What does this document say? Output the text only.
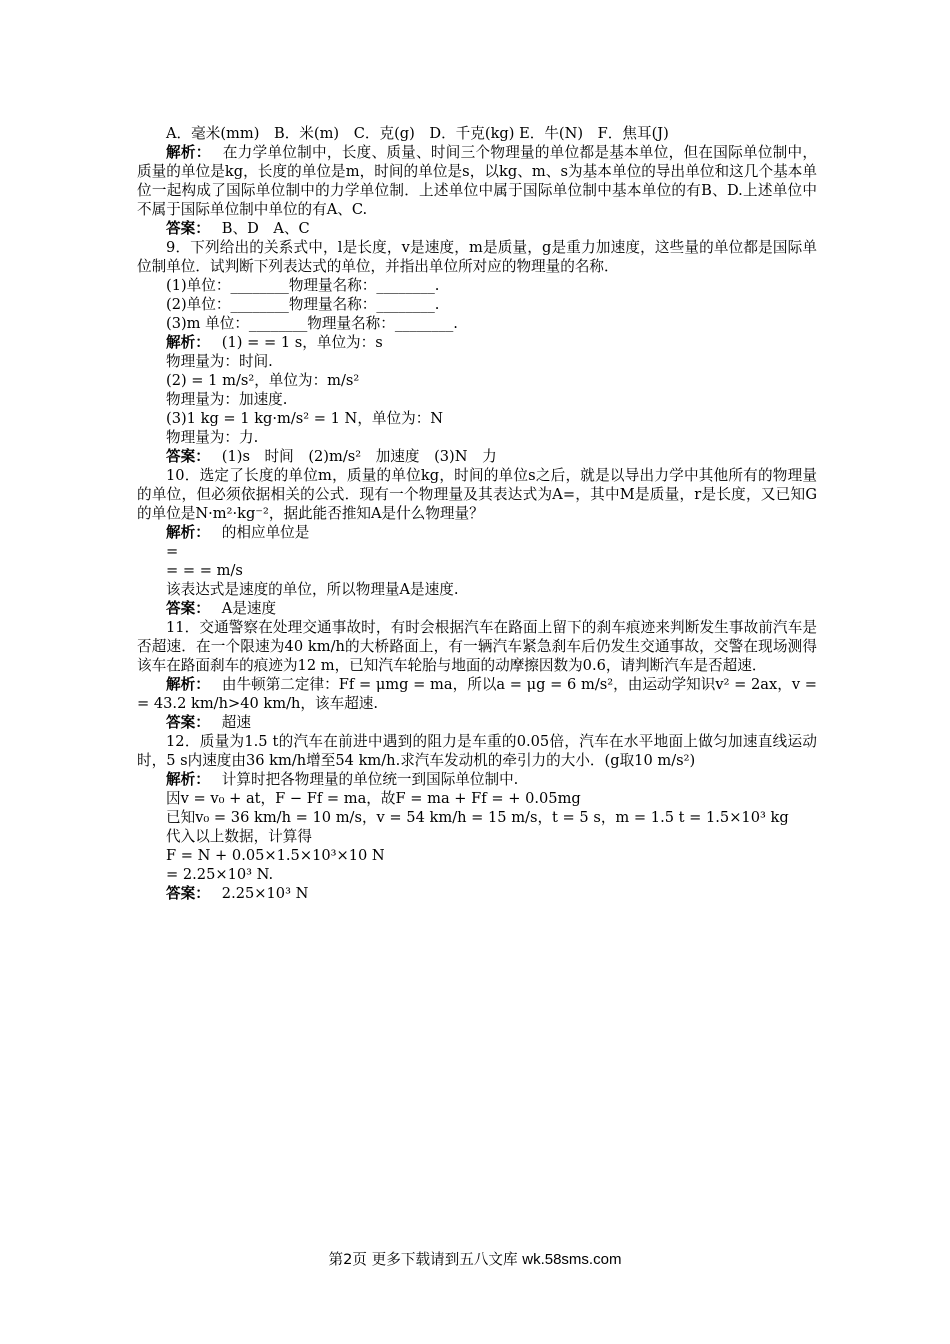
A．毫米(mm)　B．米(m)　C．克(g)　D．千克(kg) E．牛(N)　F．焦耳(J)
解析： 在力学单位制中，长度、质量、时间三个物理量的单位都是基本单位，但在国际单位制中，质量的单位是kg，长度的单位是m，时间的单位是s，以kg、m、s为基本单位的导出单位和这几个基本单位一起构成了国际单位制中的力学单位制．上述单位中属于国际单位制中基本单位的有B、D.上述单位中不属于国际单位制中单位的有A、C.
答案： B、D　A、C
9．下列给出的关系式中，l是长度，v是速度，m是质量，g是重力加速度，这些量的单位都是国际单位制单位．试判断下列表达式的单位，并指出单位所对应的物理量的名称．
(1)单位：________物理量名称：________.
(2)单位：________物理量名称：________.
(3)m 单位：________物理量名称：________.
解析： (1) = = 1 s，单位为：s
物理量为：时间.
(2) = 1 m/s²，单位为：m/s²
物理量为：加速度.
(3)1 kg = 1 kg·m/s² = 1 N，单位为：N
物理量为：力.
答案： (1)s　时间　(2)m/s²　加速度　(3)N　力
10．选定了长度的单位m，质量的单位kg，时间的单位s之后，就是以导出力学中其他所有的物理量的单位，但必须依据相关的公式．现有一个物理量及其表达式为A=，其中M是质量，r是长度，又已知G的单位是N·m²·kg⁻²，据此能否推知A是什么物理量？
解析： 的相应单位是
=
= = = m/s
该表达式是速度的单位，所以物理量A是速度.
答案： A是速度
11．交通警察在处理交通事故时，有时会根据汽车在路面上留下的刹车痕迹来判断发生事故前汽车是否超速．在一个限速为40 km/h的大桥路面上，有一辆汽车紧急刹车后仍发生交通事故，交警在现场测得该车在路面刹车的痕迹为12 m，已知汽车轮胎与地面的动摩擦因数为0.6，请判断汽车是否超速．
解析： 由牛顿第二定律：Ff = μmg = ma，所以a = μg = 6 m/s²，由运动学知识v² = 2ax，v = = 43.2 km/h>40 km/h，该车超速.
答案： 超速
12．质量为1.5 t的汽车在前进中遇到的阻力是车重的0.05倍，汽车在水平地面上做匀加速直线运动时，5 s内速度由36 km/h增至54 km/h.求汽车发动机的牵引力的大小．(g取10 m/s²)
解析： 计算时把各物理量的单位统一到国际单位制中.
因v = v₀ + at，F − Ff = ma，故F = ma + Ff = + 0.05mg
已知v₀ = 36 km/h = 10 m/s，v = 54 km/h = 15 m/s，t = 5 s，m = 1.5 t = 1.5×10³ kg
代入以上数据，计算得
F = N + 0.05×1.5×10³×10 N
= 2.25×10³ N.
答案： 2.25×10³ N
第2页 更多下载请到五八文库 wk.58sms.com
